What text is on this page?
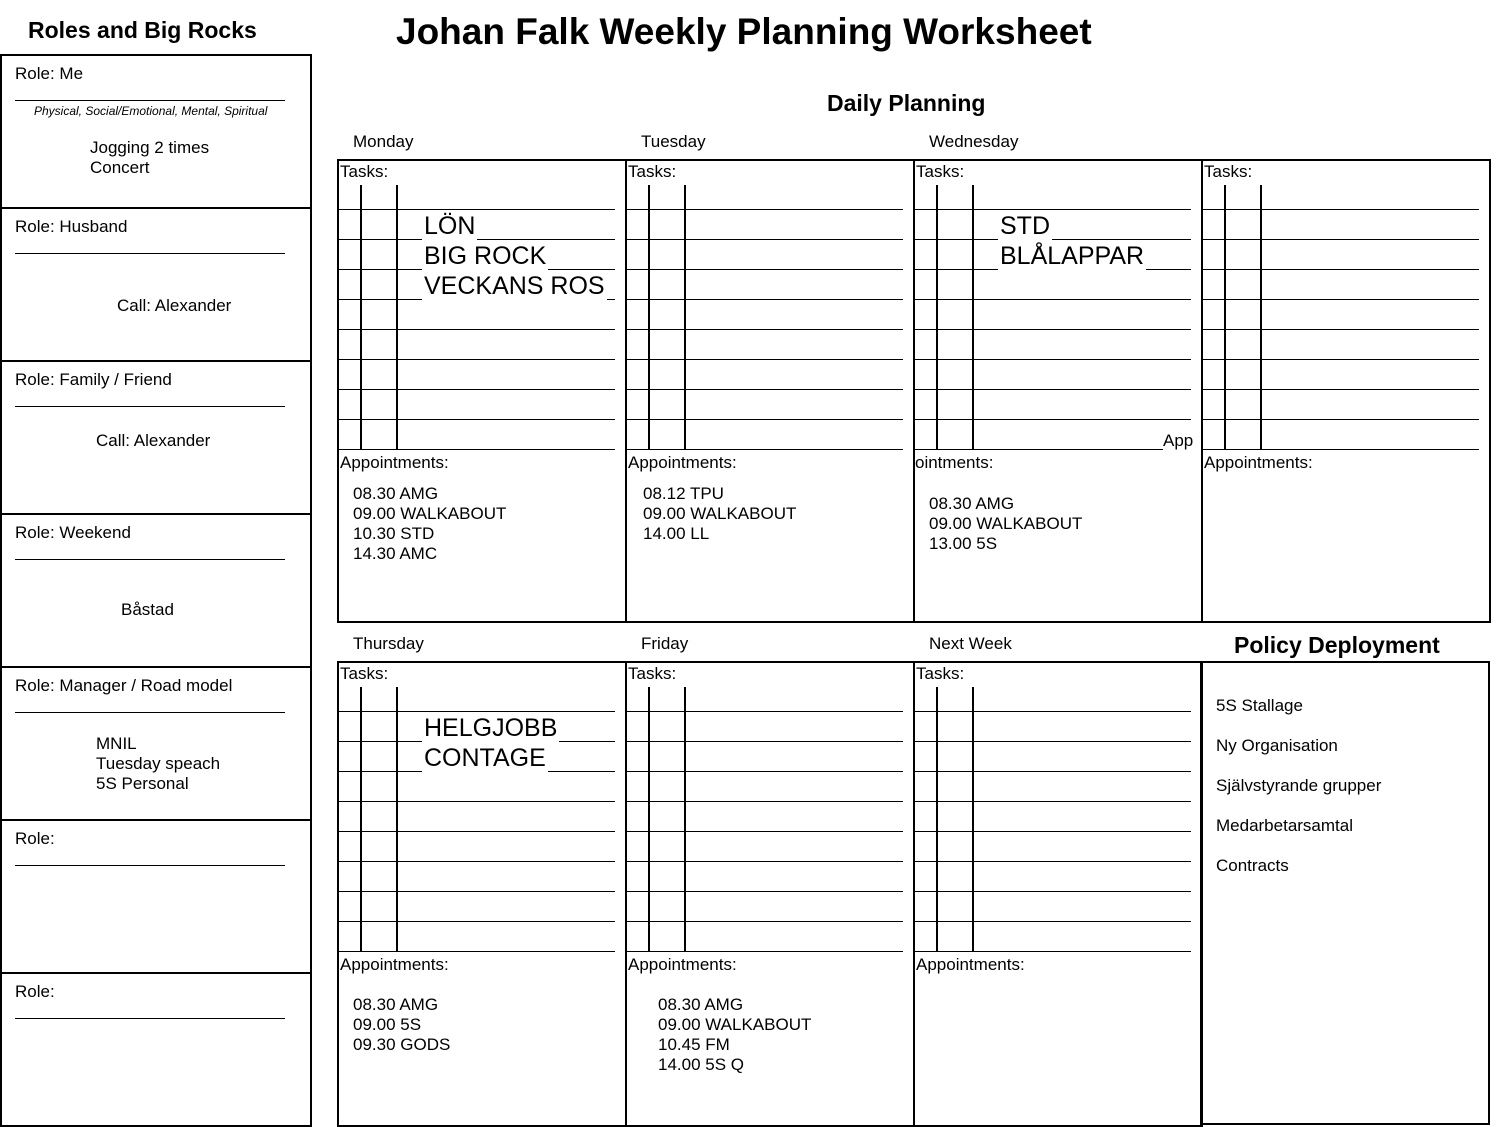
Johan Falk Weekly Planning Worksheet
Roles and Big Rocks
Role: Me
Physical, Social/Emotional, Mental, Spiritual
Jogging 2 times
Concert
Role: Husband
Call: Alexander
Role: Family / Friend
Call: Alexander
Role: Weekend
Båstad
Role: Manager / Road model
MNIL
Tuesday speach
5S Personal
Role:
Role:
Daily Planning
Monday
Tasks:
LÖN
BIG ROCK
VECKANS ROS
Appointments:
08.30 AMG
09.00 WALKABOUT
10.30 STD
14.30 AMC
Tuesday
Tasks:
Appointments:
08.12 TPU
09.00 WALKABOUT
14.00 LL
Wednesday
Tasks:
STD
BLÅLAPPAR
App
ointments:
08.30 AMG
09.00 WALKABOUT
13.00 5S
Tasks:
Appointments:
Thursday
Tasks:
HELGJOBB
CONTAGE
Appointments:
08.30 AMG
09.00 5S
09.30 GODS
Friday
Tasks:
Appointments:
08.30 AMG
09.00 WALKABOUT
10.45 FM
14.00 5S Q
Next Week
Tasks:
Appointments:
Policy Deployment
5S Stallage
Ny Organisation
Självstyrande grupper
Medarbetarsamtal
Contracts
